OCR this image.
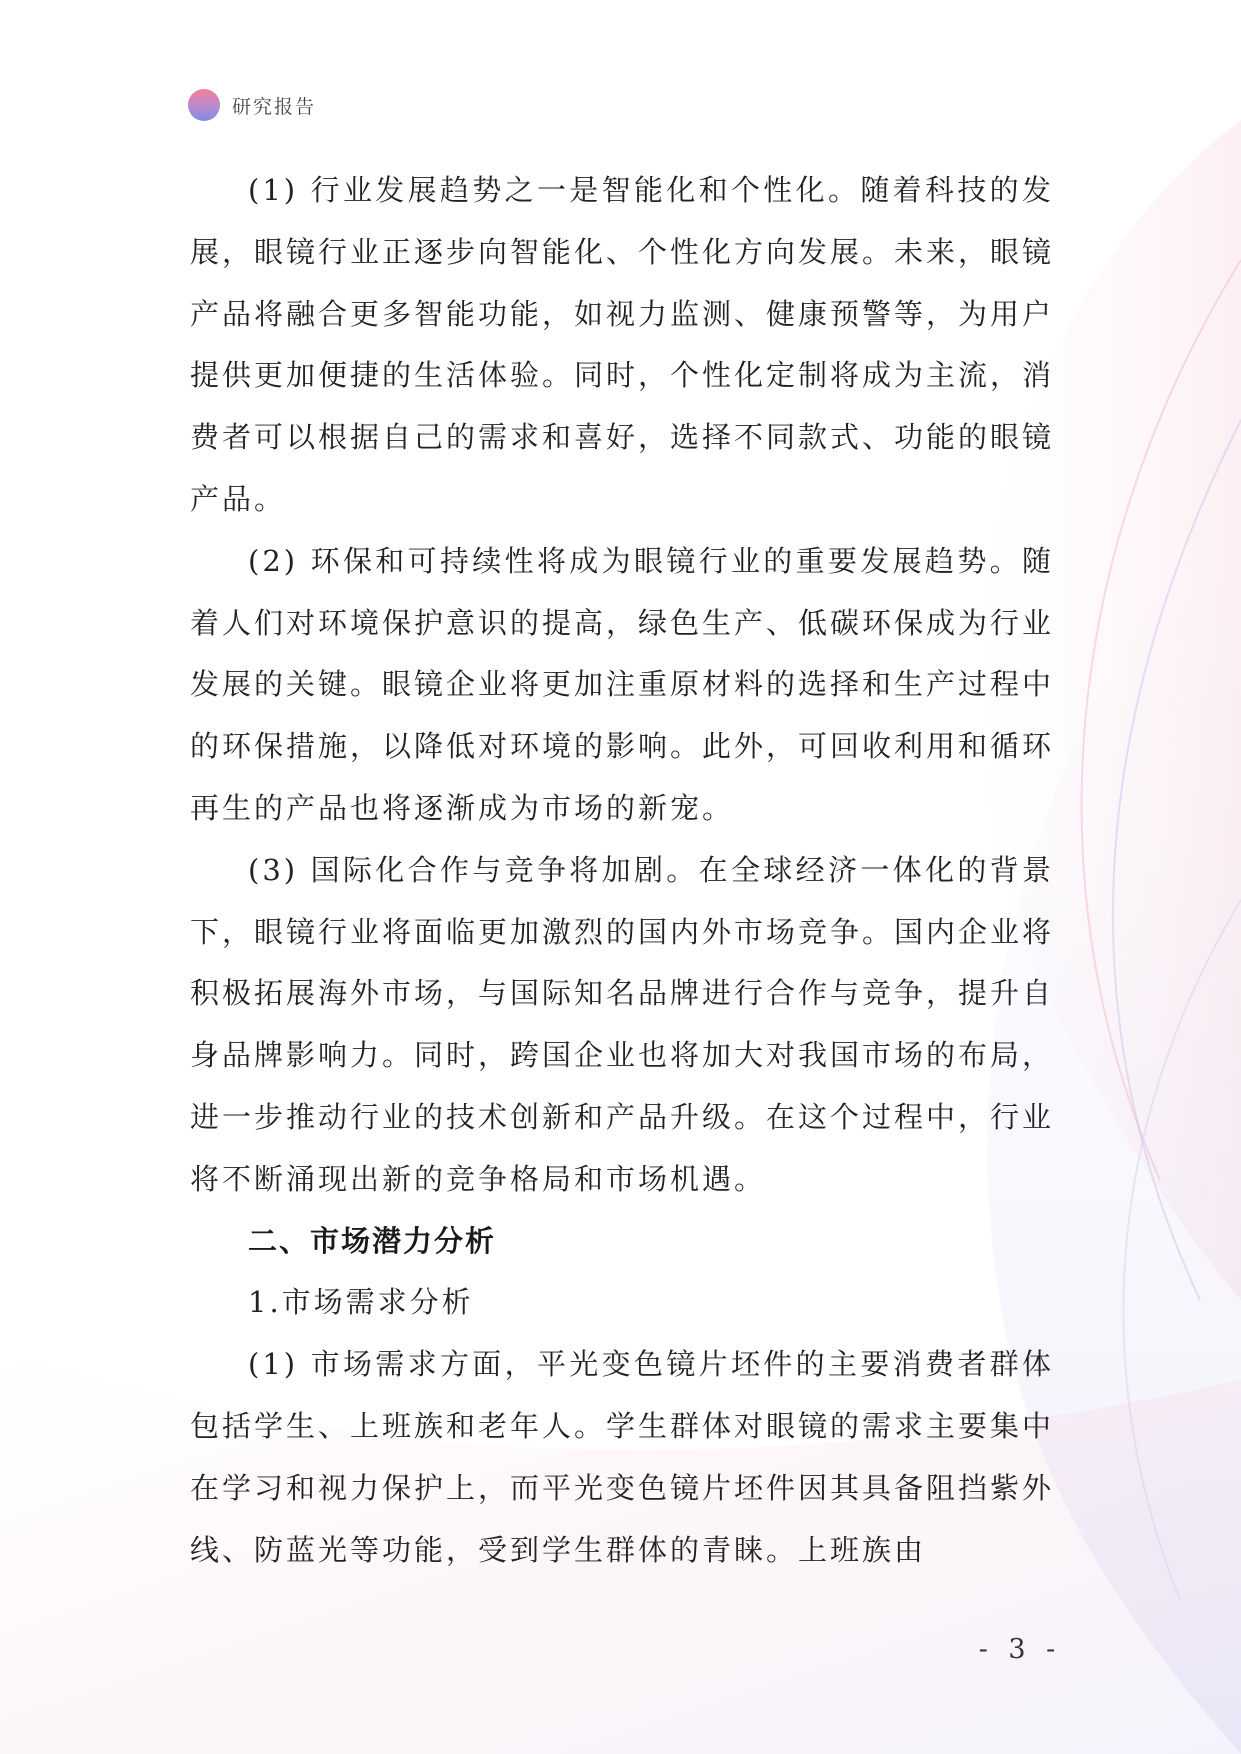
研究报告

(1) 行业发展趋势之一是智能化和个性化。随着科技的发展，眼镜行业正逐步向智能化、个性化方向发展。未来，眼镜产品将融合更多智能功能，如视力监测、健康预警等，为用户提供更加便捷的生活体验。同时，个性化定制将成为主流，消费者可以根据自己的需求和喜好，选择不同款式、功能的眼镜产品。

(2) 环保和可持续性将成为眼镜行业的重要发展趋势。随着人们对环境保护意识的提高，绿色生产、低碳环保成为行业发展的关键。眼镜企业将更加注重原材料的选择和生产过程中的环保措施，以降低对环境的影响。此外，可回收利用和循环再生的产品也将逐渐成为市场的新宠。

(3) 国际化合作与竞争将加剧。在全球经济一体化的背景下，眼镜行业将面临更加激烈的国内外市场竞争。国内企业将积极拓展海外市场，与国际知名品牌进行合作与竞争，提升自身品牌影响力。同时，跨国企业也将加大对我国市场的布局，进一步推动行业的技术创新和产品升级。在这个过程中，行业将不断涌现出新的竞争格局和市场机遇。

二、市场潜力分析

1.市场需求分析

(1) 市场需求方面，平光变色镜片坯件的主要消费者群体包括学生、上班族和老年人。学生群体对眼镜的需求主要集中在学习和视力保护上，而平光变色镜片坯件因其具备阻挡紫外线、防蓝光等功能，受到学生群体的青睐。上班族由

- 3 -
